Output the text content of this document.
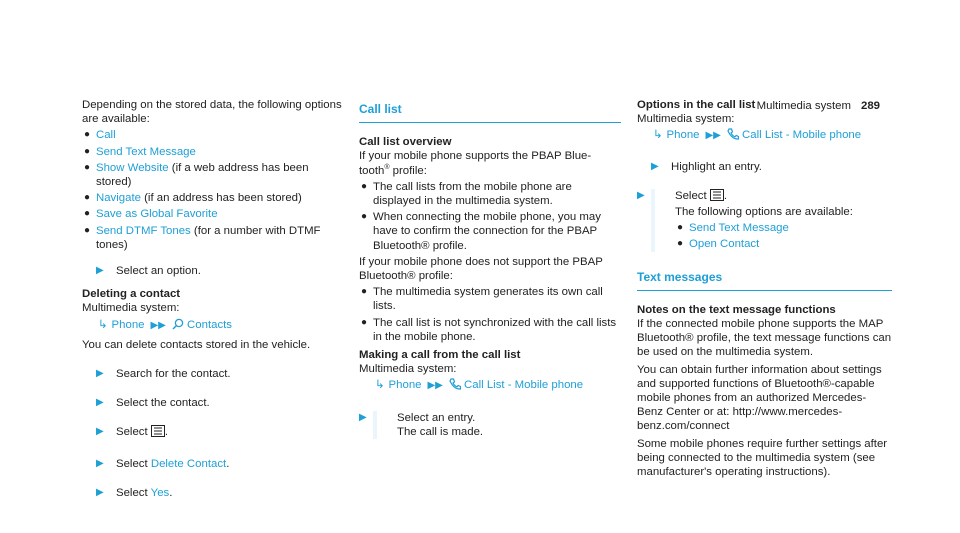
Multimedia system 289

Depending on the stored data, the following options are available:

● Call
● Send Text Message
● Show Website (if a web address has been stored)
● Navigate (if an address has been stored)
● Save as Global Favorite
● Send DTMF Tones (for a number with DTMF tones)
▶ Select an option.

Deleting a contact

Multimedia system:

↳ Phone ▶▶ Contacts

You can delete contacts stored in the vehicle.

▶ Search for the contact.
▶ Select the contact.
▶ Select .
▶ Select Delete Contact.
▶ Select Yes.
Call list

Call list overview

If your mobile phone supports the PBAP Blue-tooth® profile:

● The call lists from the mobile phone are displayed in the multimedia system.
● When connecting the mobile phone, you may have to confirm the connection for the PBAP Bluetooth® profile.

If your mobile phone does not support the PBAP Bluetooth® profile:

● The multimedia system generates its own call lists.
● The call list is not synchronized with the call lists in the mobile phone.

Making a call from the call list

Multimedia system:

↳ Phone ▶▶ Call List - Mobile phone
▶	Select an entry.
The call is made.

Options in the call list

Multimedia system:

↳ Phone ▶▶ Call List - Mobile phone
▶ Highlight an entry.
▶	Select .
The following options are available:
● Send Text Message
● Open Contact
Text messages

Notes on the text message functions

If the connected mobile phone supports the MAP Bluetooth® profile, the text message functions can be used on the multimedia system.

You can obtain further information about settings and supported functions of Bluetooth®-capable mobile phones from an authorized Mercedes-Benz Center or at: http://www.mercedes-benz.com/connect

Some mobile phones require further settings after being connected to the multimedia system (see manufacturer's operating instructions).
